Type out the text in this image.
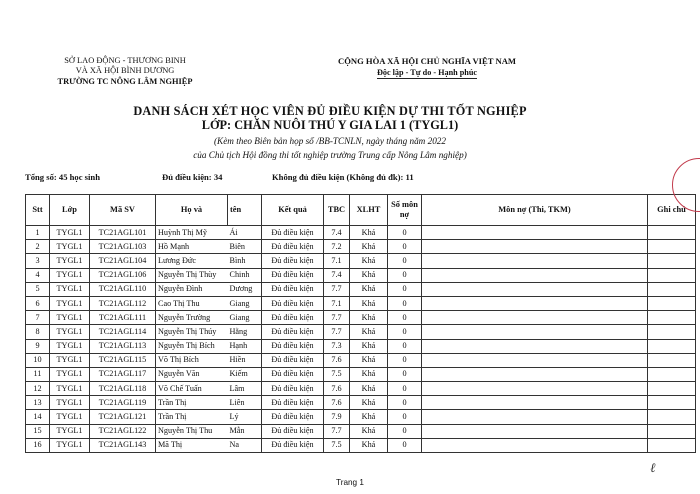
SỞ LAO ĐỘNG - THƯƠNG BINH
VÀ XÃ HỘI BÌNH DƯƠNG
TRƯỜNG TC NÔNG LÂM NGHIỆP
CỘNG HÒA XÃ HỘI CHỦ NGHĨA VIỆT NAM
Độc lập - Tự do - Hạnh phúc
DANH SÁCH XÉT HỌC VIÊN ĐỦ ĐIỀU KIỆN DỰ THI TỐT NGHIỆP
LỚP: CHĂN NUÔI THÚ Y GIA LAI 1 (TYGL1)
(Kèm theo Biên bản họp số /BB-TCNLN, ngày tháng năm 2022
của Chủ tịch Hội đồng thi tốt nghiệp trường Trung cấp Nông Lâm nghiệp)
Tổng số: 45 học sinh	Đủ điều kiện: 34	Không đủ điều kiện (Không đủ đk): 11
Stt	Lớp	Mã SV	Họ và	tên	Kết quả	TBC	XLHT	Số môn nợ	Môn nợ (Thi, TKM)	Ghi chú
1	TYGL1	TC21AGL101	Huỳnh Thị Mỹ	Ái	Đủ điều kiện	7.4	Khá	0		
2	TYGL1	TC21AGL103	Hồ Mạnh	Biên	Đủ điều kiện	7.2	Khá	0		
3	TYGL1	TC21AGL104	Lương Đức	Bình	Đủ điều kiện	7.1	Khá	0		
4	TYGL1	TC21AGL106	Nguyễn Thị Thùy	Chinh	Đủ điều kiện	7.4	Khá	0		
5	TYGL1	TC21AGL110	Nguyễn Đình	Dương	Đủ điều kiện	7.7	Khá	0		
6	TYGL1	TC21AGL112	Cao Thị Thu	Giang	Đủ điều kiện	7.1	Khá	0		
7	TYGL1	TC21AGL111	Nguyễn Trường	Giang	Đủ điều kiện	7.7	Khá	0		
8	TYGL1	TC21AGL114	Nguyễn Thị Thúy	Hằng	Đủ điều kiện	7.7	Khá	0		
9	TYGL1	TC21AGL113	Nguyễn Thị Bích	Hạnh	Đủ điều kiện	7.3	Khá	0		
10	TYGL1	TC21AGL115	Võ Thị Bích	Hiền	Đủ điều kiện	7.6	Khá	0		
11	TYGL1	TC21AGL117	Nguyễn Văn	Kiếm	Đủ điều kiện	7.5	Khá	0		
12	TYGL1	TC21AGL118	Võ Chế Tuấn	Lâm	Đủ điều kiện	7.6	Khá	0		
13	TYGL1	TC21AGL119	Trần Thị	Liên	Đủ điều kiện	7.6	Khá	0		
14	TYGL1	TC21AGL121	Trần Thị	Lý	Đủ điều kiện	7.9	Khá	0		
15	TYGL1	TC21AGL122	Nguyễn Thị Thu	Mẫn	Đủ điều kiện	7.7	Khá	0		
16	TYGL1	TC21AGL143	Mã Thị	Na	Đủ điều kiện	7.5	Khá	0		
Trang 1
ℓ
